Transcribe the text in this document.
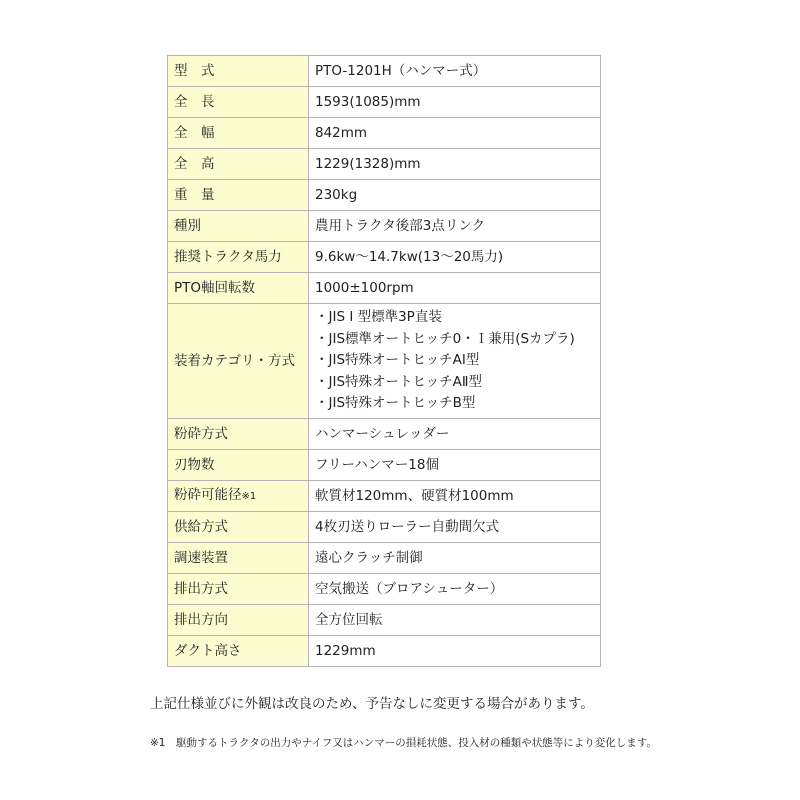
型　式	PTO-1201H（ハンマー式）
全　長	1593(1085)mm
全　幅	842mm
全　高	1229(1328)mm
重　量	230kg
種別	農用トラクタ後部3点リンク
推奨トラクタ馬力	9.6kw～14.7kw(13～20馬力)
PTO軸回転数	1000±100rpm
装着カテゴリ・方式	・JIS I 型標準3P直装
・JIS標準オートヒッチ0・Ｉ兼用(Sカプラ)
・JIS特殊オートヒッチAⅠ型
・JIS特殊オートヒッチAⅡ型
・JIS特殊オートヒッチB型

粉砕方式	ハンマーシュレッダー
刃物数	フリーハンマー18個
粉砕可能径※1	軟質材120mm、硬質材100mm
供給方式	4枚刃送りローラー自動間欠式
調速装置	遠心クラッチ制御
排出方式	空気搬送（ブロアシューター）
排出方向	全方位回転
ダクト高さ	1229mm
上記仕様並びに外観は改良のため、予告なしに変更する場合があります。
※1　駆動するトラクタの出力やナイフ又はハンマーの損耗状態、投入材の種類や状態等により変化します。
